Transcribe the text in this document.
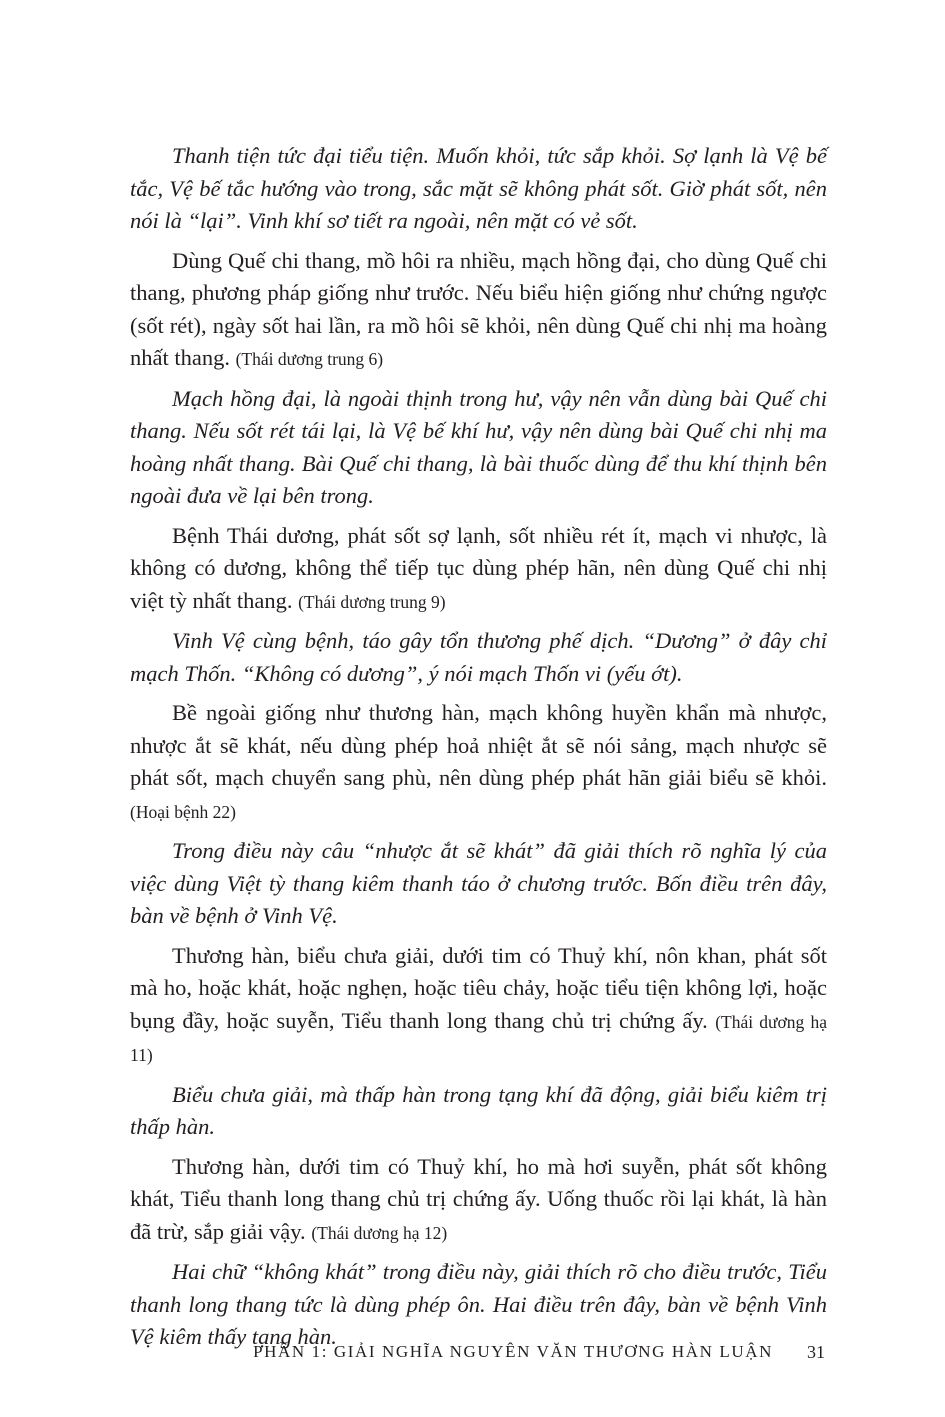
Thanh tiện tức đại tiểu tiện. Muốn khỏi, tức sắp khỏi. Sợ lạnh là Vệ bế tắc, Vệ bế tắc hướng vào trong, sắc mặt sẽ không phát sốt. Giờ phát sốt, nên nói là “lại”. Vinh khí sơ tiết ra ngoài, nên mặt có vẻ sốt.

Dùng Quế chi thang, mồ hôi ra nhiều, mạch hồng đại, cho dùng Quế chi thang, phương pháp giống như trước. Nếu biểu hiện giống như chứng ngược (sốt rét), ngày sốt hai lần, ra mồ hôi sẽ khỏi, nên dùng Quế chi nhị ma hoàng nhất thang. (Thái dương trung 6)

Mạch hồng đại, là ngoài thịnh trong hư, vậy nên vẫn dùng bài Quế chi thang. Nếu sốt rét tái lại, là Vệ bế khí hư, vậy nên dùng bài Quế chi nhị ma hoàng nhất thang. Bài Quế chi thang, là bài thuốc dùng để thu khí thịnh bên ngoài đưa về lại bên trong.

Bệnh Thái dương, phát sốt sợ lạnh, sốt nhiều rét ít, mạch vi nhược, là không có dương, không thể tiếp tục dùng phép hãn, nên dùng Quế chi nhị việt tỳ nhất thang. (Thái dương trung 9)

Vinh Vệ cùng bệnh, táo gây tổn thương phế dịch. “Dương” ở đây chỉ mạch Thốn. “Không có dương”, ý nói mạch Thốn vi (yếu ớt).

Bề ngoài giống như thương hàn, mạch không huyền khẩn mà nhược, nhược ắt sẽ khát, nếu dùng phép hoả nhiệt ắt sẽ nói sảng, mạch nhược sẽ phát sốt, mạch chuyển sang phù, nên dùng phép phát hãn giải biểu sẽ khỏi. (Hoại bệnh 22)

Trong điều này câu “nhược ắt sẽ khát” đã giải thích rõ nghĩa lý của việc dùng Việt tỳ thang kiêm thanh táo ở chương trước. Bốn điều trên đây, bàn về bệnh ở Vinh Vệ.

Thương hàn, biểu chưa giải, dưới tim có Thuỷ khí, nôn khan, phát sốt mà ho, hoặc khát, hoặc nghẹn, hoặc tiêu chảy, hoặc tiểu tiện không lợi, hoặc bụng đầy, hoặc suyễn, Tiểu thanh long thang chủ trị chứng ấy. (Thái dương hạ 11)

Biểu chưa giải, mà thấp hàn trong tạng khí đã động, giải biểu kiêm trị thấp hàn.

Thương hàn, dưới tim có Thuỷ khí, ho mà hơi suyễn, phát sốt không khát, Tiểu thanh long thang chủ trị chứng ấy. Uống thuốc rồi lại khát, là hàn đã trừ, sắp giải vậy. (Thái dương hạ 12)

Hai chữ “không khát” trong điều này, giải thích rõ cho điều trước, Tiểu thanh long thang tức là dùng phép ôn. Hai điều trên đây, bàn về bệnh Vinh Vệ kiêm thấy tạng hàn.

PHẦN 1: GIẢI NGHĨA NGUYÊN VĂN THƯƠNG HÀN LUẬN 31
